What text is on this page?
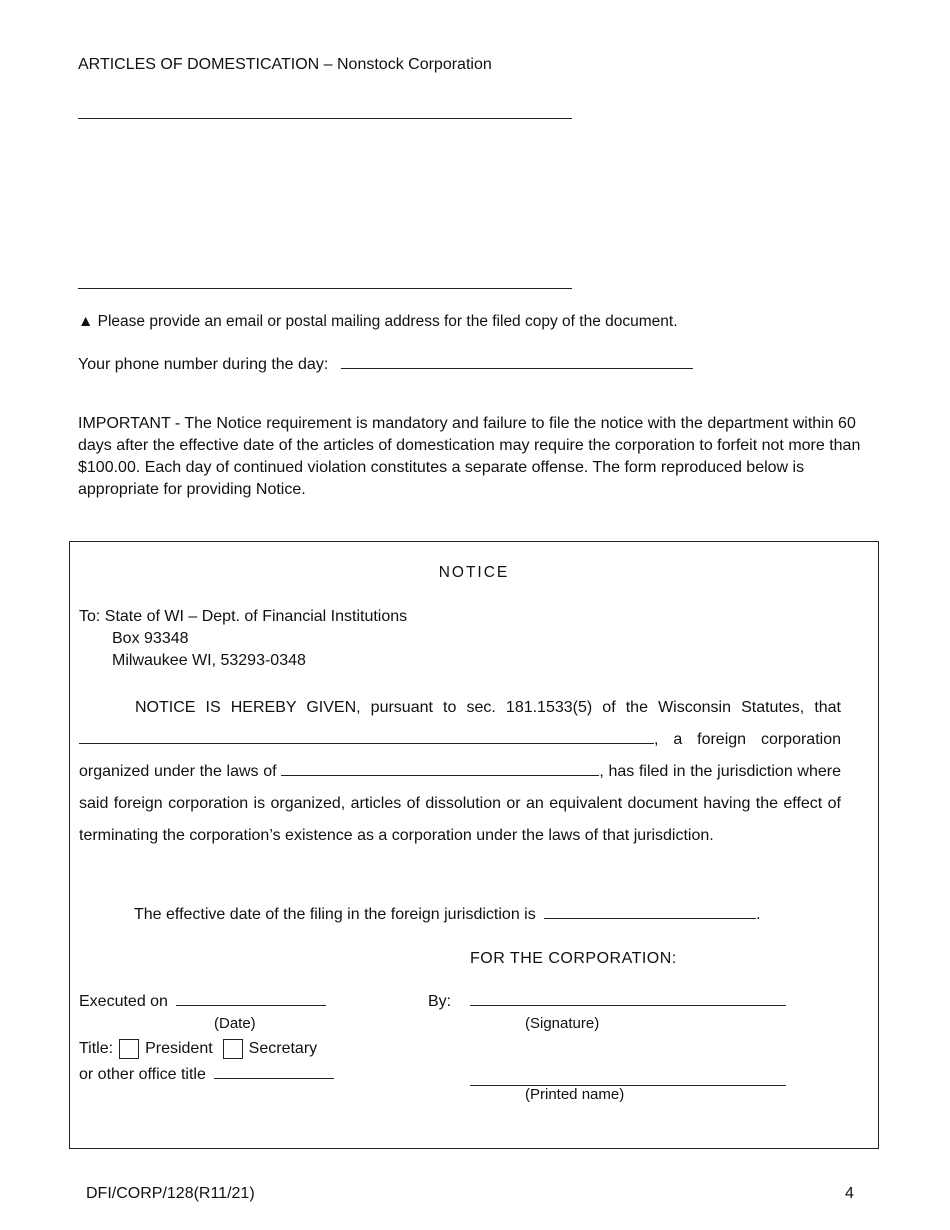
ARTICLES OF DOMESTICATION – Nonstock Corporation
▲ Please provide an email or postal mailing address for the filed copy of the document.
Your phone number during the day:
IMPORTANT - The Notice requirement is mandatory and failure to file the notice with the department within 60 days after the effective date of the articles of domestication may require the corporation to forfeit not more than $100.00. Each day of continued violation constitutes a separate offense. The form reproduced below is appropriate for providing Notice.
NOTICE
To: State of WI – Dept. of Financial Institutions
Box 93348
Milwaukee WI, 53293-0348
NOTICE IS HEREBY GIVEN, pursuant to sec. 181.1533(5) of the Wisconsin Statutes, that , a foreign corporation organized under the laws of	, has filed in the jurisdiction where said foreign corporation is organized, articles of dissolution or an equivalent document having the effect of terminating the corporation’s existence as a corporation under the laws of that jurisdiction.
The effective date of the filing in the foreign jurisdiction is	.
FOR THE CORPORATION:
Executed on
(Date)
By:
(Signature)
Title: President Secretary
or other office title
(Printed name)
DFI/CORP/128(R11/21)	4
